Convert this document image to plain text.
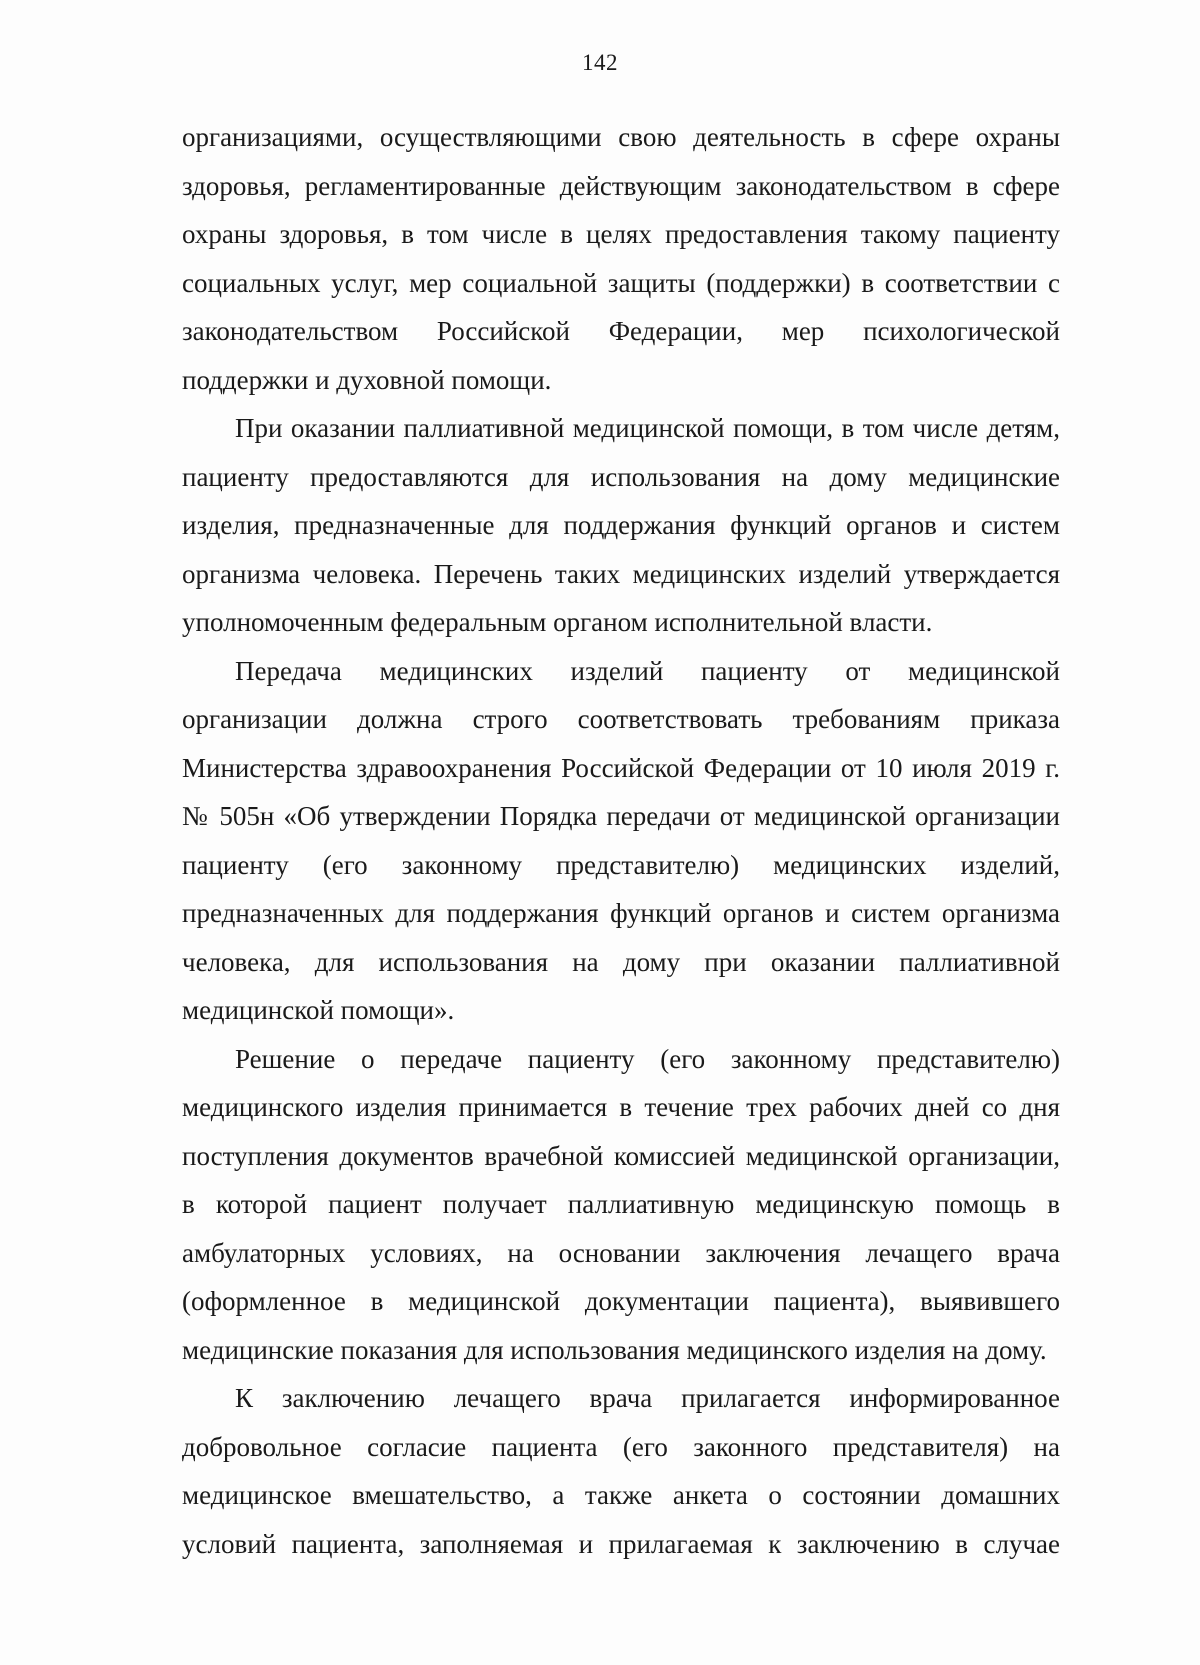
142
организациями, осуществляющими свою деятельность в сфере охраны
здоровья, регламентированные действующим законодательством в сфере
охраны здоровья, в том числе в целях предоставления такому пациенту
социальных услуг, мер социальной защиты (поддержки) в соответствии с
законодательством Российской Федерации, мер психологической
поддержки и духовной помощи.
При оказании паллиативной медицинской помощи, в том числе детям,
пациенту предоставляются для использования на дому медицинские
изделия, предназначенные для поддержания функций органов и систем
организма человека. Перечень таких медицинских изделий утверждается
уполномоченным федеральным органом исполнительной власти.
Передача медицинских изделий пациенту от медицинской
организации должна строго соответствовать требованиям приказа
Министерства здравоохранения Российской Федерации от 10 июля 2019 г.
№ 505н «Об утверждении Порядка передачи от медицинской организации
пациенту (его законному представителю) медицинских изделий,
предназначенных для поддержания функций органов и систем организма
человека, для использования на дому при оказании паллиативной
медицинской помощи».
Решение о передаче пациенту (его законному представителю)
медицинского изделия принимается в течение трех рабочих дней со дня
поступления документов врачебной комиссией медицинской организации,
в которой пациент получает паллиативную медицинскую помощь в
амбулаторных условиях, на основании заключения лечащего врача
(оформленное в медицинской документации пациента), выявившего
медицинские показания для использования медицинского изделия на дому.
К заключению лечащего врача прилагается информированное
добровольное согласие пациента (его законного представителя) на
медицинское вмешательство, а также анкета о состоянии домашних
условий пациента, заполняемая и прилагаемая к заключению в случае
